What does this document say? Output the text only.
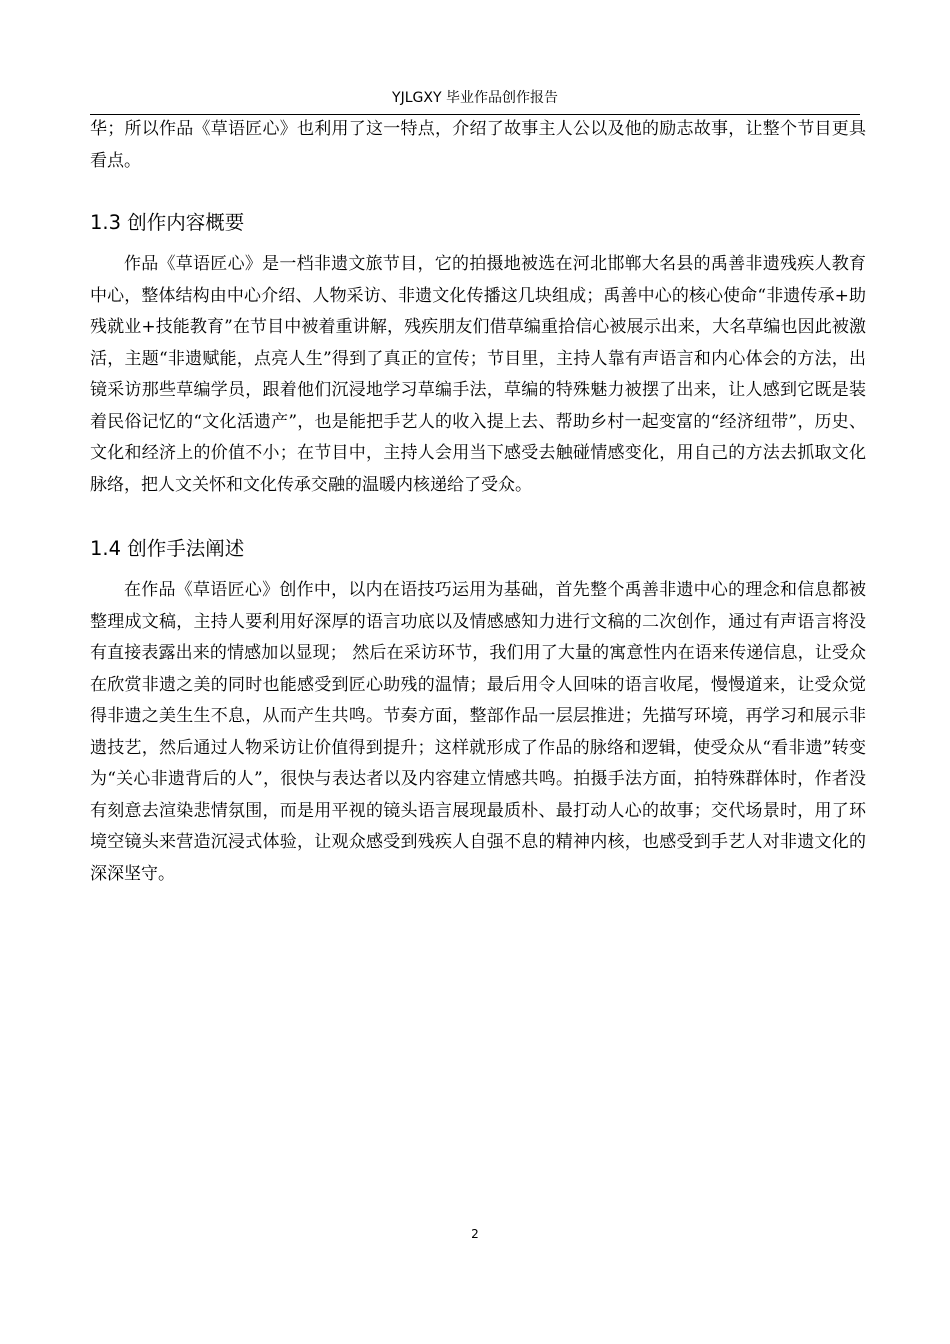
YJLGXY 毕业作品创作报告

华；所以作品《草语匠心》也利用了这一特点，介绍了故事主人公以及他的励志故事，让整个节目更具看点。

1.3 创作内容概要

作品《草语匠心》是一档非遗文旅节目，它的拍摄地被选在河北邯郸大名县的禹善非遗残疾人教育中心，整体结构由中心介绍、人物采访、非遗文化传播这几块组成；禹善中心的核心使命“非遗传承+助残就业+技能教育”在节目中被着重讲解，残疾朋友们借草编重拾信心被展示出来，大名草编也因此被激活，主题“非遗赋能，点亮人生”得到了真正的宣传；节目里，主持人靠有声语言和内心体会的方法，出镜采访那些草编学员，跟着他们沉浸地学习草编手法，草编的特殊魅力被摆了出来，让人感到它既是装着民俗记忆的“文化活遗产”，也是能把手艺人的收入提上去、帮助乡村一起变富的“经济纽带”，历史、文化和经济上的价值不小；在节目中，主持人会用当下感受去触碰情感变化，用自己的方法去抓取文化脉络，把人文关怀和文化传承交融的温暖内核递给了受众。

1.4 创作手法阐述

在作品《草语匠心》创作中，以内在语技巧运用为基础，首先整个禹善非遗中心的理念和信息都被整理成文稿，主持人要利用好深厚的语言功底以及情感感知力进行文稿的二次创作，通过有声语言将没有直接表露出来的情感加以显现； 然后在采访环节，我们用了大量的寓意性内在语来传递信息，让受众在欣赏非遗之美的同时也能感受到匠心助残的温情；最后用令人回味的语言收尾，慢慢道来，让受众觉得非遗之美生生不息，从而产生共鸣。节奏方面，整部作品一层层推进；先描写环境，再学习和展示非遗技艺，然后通过人物采访让价值得到提升；这样就形成了作品的脉络和逻辑，使受众从“看非遗”转变为“关心非遗背后的人”，很快与表达者以及内容建立情感共鸣。拍摄手法方面，拍特殊群体时，作者没有刻意去渲染悲情氛围，而是用平视的镜头语言展现最质朴、最打动人心的故事；交代场景时，用了环境空镜头来营造沉浸式体验，让观众感受到残疾人自强不息的精神内核，也感受到手艺人对非遗文化的深深坚守。

2
